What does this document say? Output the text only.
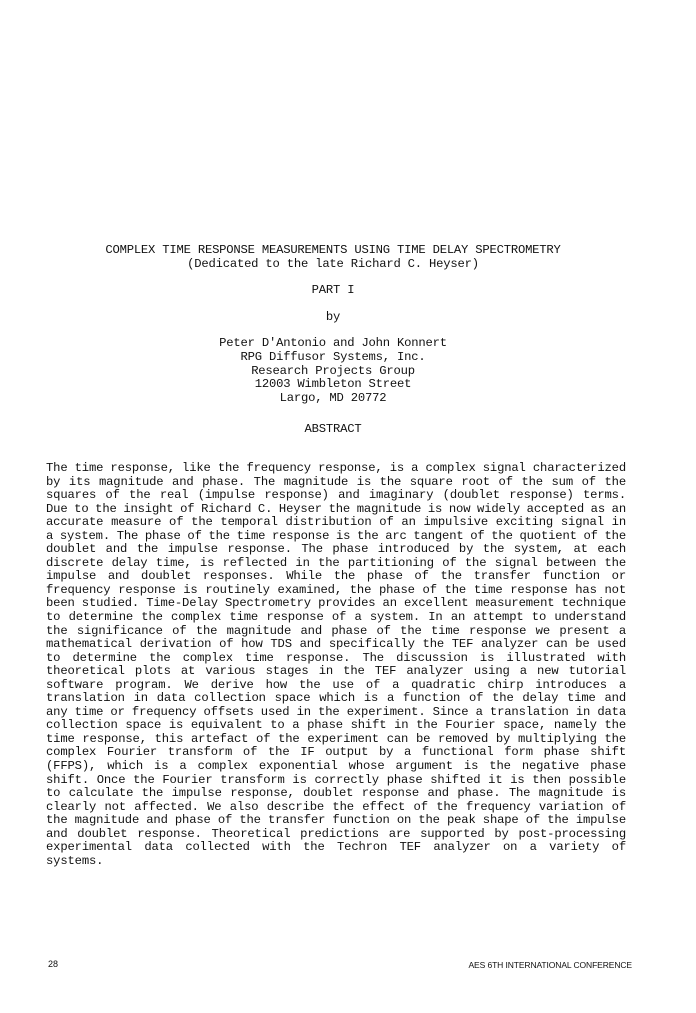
COMPLEX TIME RESPONSE MEASUREMENTS USING TIME DELAY SPECTROMETRY
(Dedicated to the late Richard C. Heyser)
PART I
by
Peter D'Antonio and John Konnert
RPG Diffusor Systems, Inc.
Research Projects Group
12003 Wimbleton Street
Largo, MD 20772
ABSTRACT
The time response, like the frequency response, is a complex signal characterized by its magnitude and phase. The magnitude is the square root of the sum of the squares of the real (impulse response) and imaginary (doublet response) terms. Due to the insight of Richard C. Heyser the magnitude is now widely accepted as an accurate measure of the temporal distribution of an impulsive exciting signal in a system. The phase of the time response is the arc tangent of the quotient of the doublet and the impulse response. The phase introduced by the system, at each discrete delay time, is reflected in the partitioning of the signal between the impulse and doublet responses. While the phase of the transfer function or frequency response is routinely examined, the phase of the time response has not been studied. Time-Delay Spectrometry provides an excellent measurement technique to determine the complex time response of a system. In an attempt to understand the significance of the magnitude and phase of the time response we present a mathematical derivation of how TDS and specifically the TEF analyzer can be used to determine the complex time response. The discussion is illustrated with theoretical plots at various stages in the TEF analyzer using a new tutorial software program. We derive how the use of a quadratic chirp introduces a translation in data collection space which is a function of the delay time and any time or frequency offsets used in the experiment. Since a translation in data collection space is equivalent to a phase shift in the Fourier space, namely the time response, this artefact of the experiment can be removed by multiplying the complex Fourier transform of the IF output by a functional form phase shift (FFPS), which is a complex exponential whose argument is the negative phase shift. Once the Fourier transform is correctly phase shifted it is then possible to calculate the impulse response, doublet response and phase. The magnitude is clearly not affected. We also describe the effect of the frequency variation of the magnitude and phase of the transfer function on the peak shape of the impulse and doublet response. Theoretical predictions are supported by post-processing experimental data collected with the Techron TEF analyzer on a variety of systems.
28	AES 6TH INTERNATIONAL CONFERENCE
